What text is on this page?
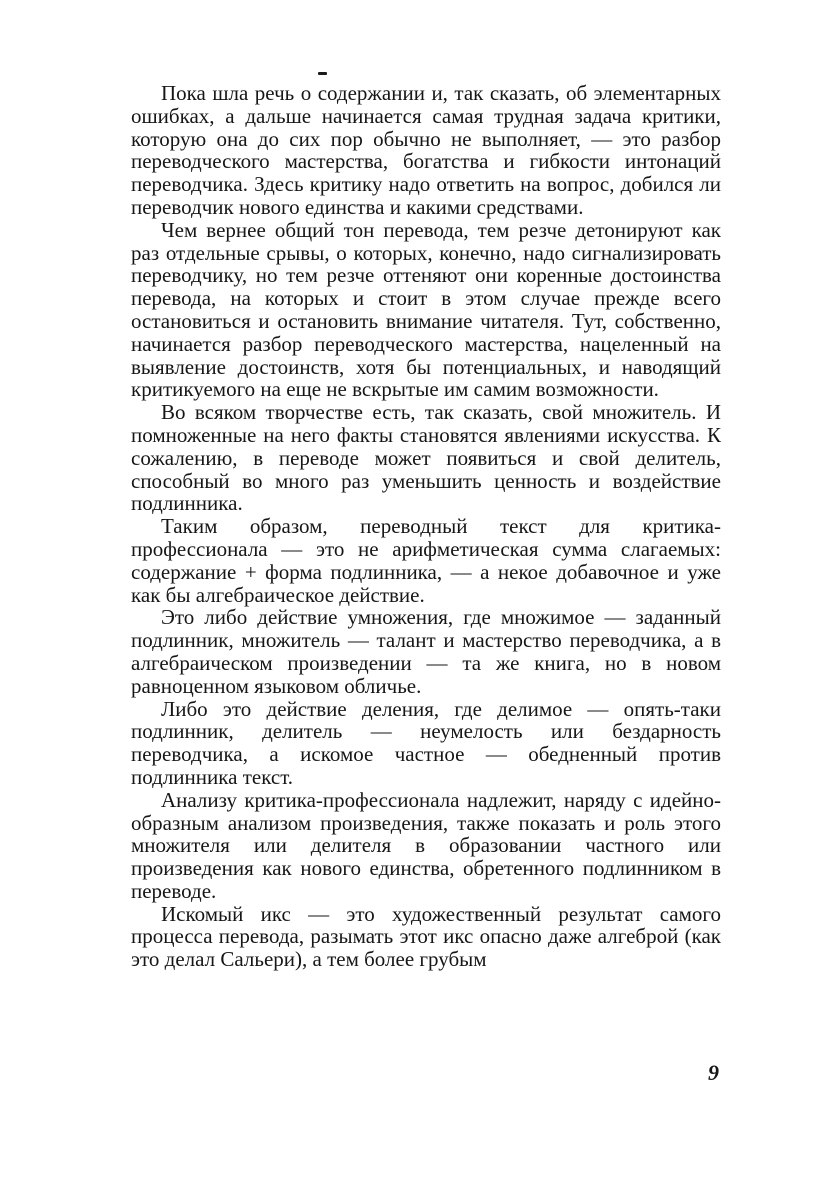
Пока шла речь о содержании и, так сказать, об элементарных ошибках, а дальше начинается самая трудная задача критики, которую она до сих пор обычно не выполняет, — это разбор переводческого мастерства, богатства и гибкости интонаций переводчика. Здесь критику надо ответить на вопрос, добился ли переводчик нового единства и какими средствами.

Чем вернее общий тон перевода, тем резче детонируют как раз отдельные срывы, о которых, конечно, надо сигнализировать переводчику, но тем резче оттеняют они коренные достоинства перевода, на которых и стоит в этом случае прежде всего остановиться и остановить внимание читателя. Тут, собственно, начинается разбор переводческого мастерства, нацеленный на выявление достоинств, хотя бы потенциальных, и наводящий критикуемого на еще не вскрытые им самим возможности.

Во всяком творчестве есть, так сказать, свой множитель. И помноженные на него факты становятся явлениями искусства. К сожалению, в переводе может появиться и свой делитель, способный во много раз уменьшить ценность и воздействие подлинника.

Таким образом, переводный текст для критика-профессионала — это не арифметическая сумма слагаемых: содержание + форма подлинника, — а некое добавочное и уже как бы алгебраическое действие.

Это либо действие умножения, где множимое — заданный подлинник, множитель — талант и мастерство переводчика, а в алгебраическом произведении — та же книга, но в новом равноценном языковом обличье.

Либо это действие деления, где делимое — опять-таки подлинник, делитель — неумелость или бездарность переводчика, а искомое частное — обедненный против подлинника текст.

Анализу критика-профессионала надлежит, наряду с идейно-образным анализом произведения, также показать и роль этого множителя или делителя в образовании частного или произведения как нового единства, обретенного подлинником в переводе.

Искомый икс — это художественный результат самого процесса перевода, разымать этот икс опасно даже алгеброй (как это делал Сальери), а тем более грубым

9
